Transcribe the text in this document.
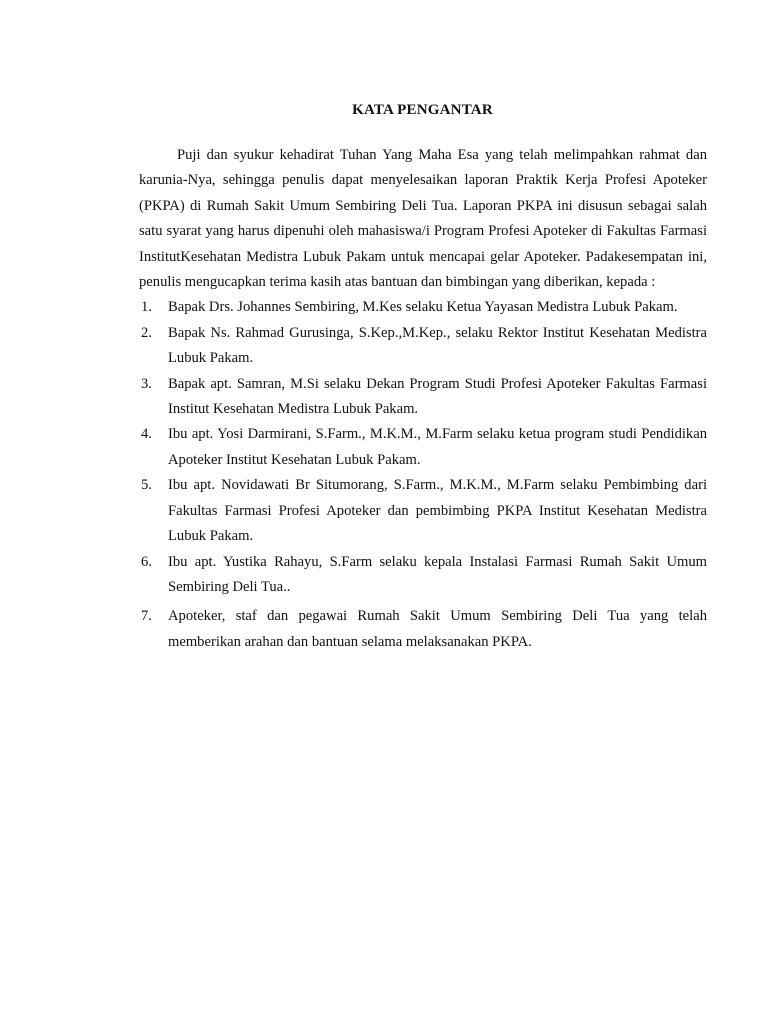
KATA PENGANTAR

Puji dan syukur kehadirat Tuhan Yang Maha Esa yang telah melimpahkan rahmat dan karunia-Nya, sehingga penulis dapat menyelesaikan laporan Praktik Kerja Profesi Apoteker (PKPA) di Rumah Sakit Umum Sembiring Deli Tua. Laporan PKPA ini disusun sebagai salah satu syarat yang harus dipenuhi oleh mahasiswa/i Program Profesi Apoteker di Fakultas Farmasi InstitutKesehatan Medistra Lubuk Pakam untuk mencapai gelar Apoteker. Padakesempatan ini, penulis mengucapkan terima kasih atas bantuan dan bimbingan yang diberikan, kepada :

1. Bapak Drs. Johannes Sembiring, M.Kes selaku Ketua Yayasan Medistra Lubuk Pakam.
2. Bapak Ns. Rahmad Gurusinga, S.Kep.,M.Kep., selaku Rektor Institut Kesehatan Medistra Lubuk Pakam.
3. Bapak apt. Samran, M.Si selaku Dekan Program Studi Profesi Apoteker Fakultas Farmasi Institut Kesehatan Medistra Lubuk Pakam.
4. Ibu apt. Yosi Darmirani, S.Farm., M.K.M., M.Farm selaku ketua program studi Pendidikan Apoteker Institut Kesehatan Lubuk Pakam.
5. Ibu apt. Novidawati Br Situmorang, S.Farm., M.K.M., M.Farm selaku Pembimbing dari Fakultas Farmasi Profesi Apoteker dan pembimbing PKPA Institut Kesehatan Medistra Lubuk Pakam.
6. Ibu apt. Yustika Rahayu, S.Farm selaku kepala Instalasi Farmasi Rumah Sakit Umum Sembiring Deli Tua..
7. Apoteker, staf dan pegawai Rumah Sakit Umum Sembiring Deli Tua yang telah memberikan arahan dan bantuan selama melaksanakan PKPA.
